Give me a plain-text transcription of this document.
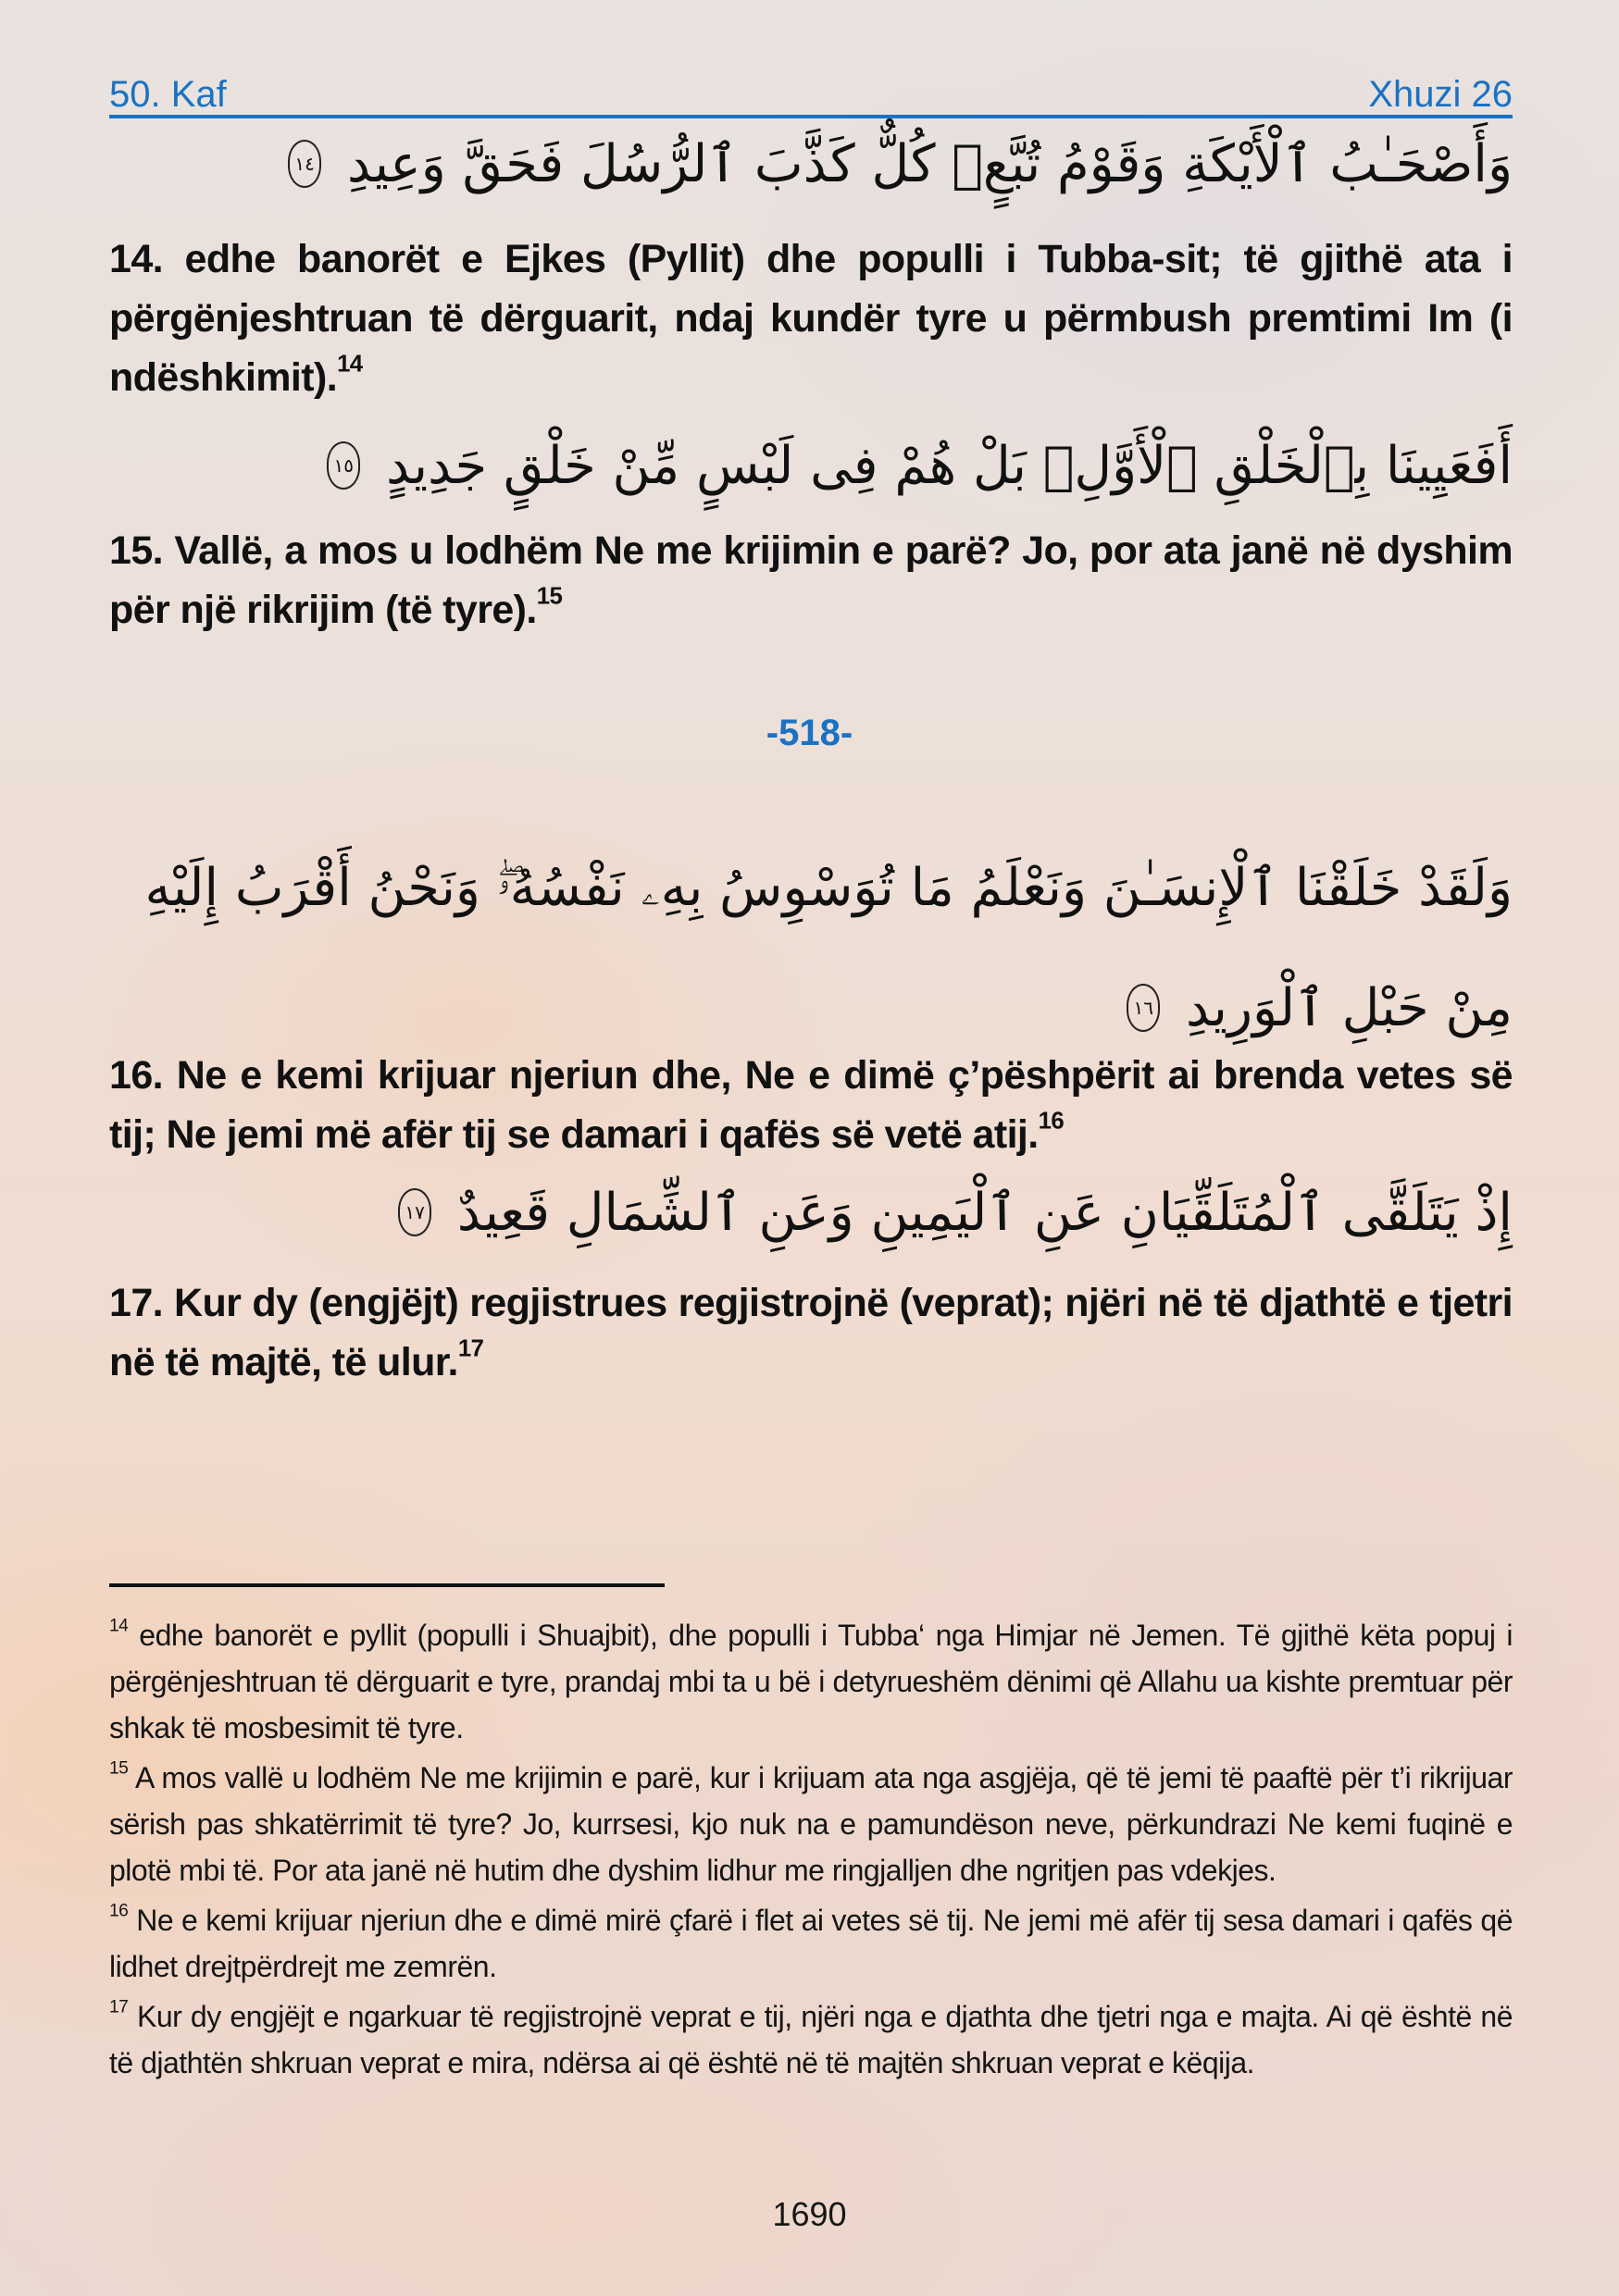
50. Kaf	Xhuzi 26
وَأَصْحَـٰبُ ٱلْأَيْكَةِ وَقَوْمُ تُبَّعٍۚ كُلٌّ كَذَّبَ ٱلرُّسُلَ فَحَقَّ وَعِيدِ ١٤
14. edhe banorët e Ejkes (Pyllit) dhe populli i Tubba-sit; të gjithë ata i përgënjeshtruan të dërguarit, ndaj kundër tyre u përmbush premtimi Im (i ndëshkimit).$^{14}$
أَفَعَيِينَا بِٱلْخَلْقِ ٱلْأَوَّلِۚ بَلْ هُمْ فِى لَبْسٍ مِّنْ خَلْقٍ جَدِيدٍ ١٥
15. Vallë, a mos u lodhëm Ne me krijimin e parë? Jo, por ata janë në dyshim për një rikrijim (të tyre).$^{15}$
-518-
وَلَقَدْ خَلَقْنَا ٱلْإِنسَـٰنَ وَنَعْلَمُ مَا تُوَسْوِسُ بِهِۦ نَفْسُهُۥۖ وَنَحْنُ أَقْرَبُ إِلَيْهِ مِنْ حَبْلِ ٱلْوَرِيدِ ١٦
16. Ne e kemi krijuar njeriun dhe, Ne e dimë ç’pëshpërit ai brenda vetes së tij; Ne jemi më afër tij se damari i qafës së vetë atij.$^{16}$
إِذْ يَتَلَقَّى ٱلْمُتَلَقِّيَانِ عَنِ ٱلْيَمِينِ وَعَنِ ٱلشِّمَالِ قَعِيدٌ ١٧
17. Kur dy (engjëjt) regjistrues regjistrojnë (veprat); njëri në të djathtë e tjetri në të majtë, të ulur.$^{17}$

$^{14}$ edhe banorët e pyllit (populli i Shuajbit), dhe populli i Tubba‘ nga Himjar në Jemen. Të gjithë këta popuj i përgënjeshtruan të dërguarit e tyre, prandaj mbi ta u bë i detyrueshëm dënimi që Allahu ua kishte premtuar për shkak të mosbesimit të tyre.

$^{15}$ A mos vallë u lodhëm Ne me krijimin e parë, kur i krijuam ata nga asgjëja, që të jemi të paaftë për t’i rikrijuar sërish pas shkatërrimit të tyre? Jo, kurrsesi, kjo nuk na e pamundëson neve, përkundrazi Ne kemi fuqinë e plotë mbi të. Por ata janë në hutim dhe dyshim lidhur me ringjalljen dhe ngritjen pas vdekjes.

$^{16}$ Ne e kemi krijuar njeriun dhe e dimë mirë çfarë i flet ai vetes së tij. Ne jemi më afër tij sesa damari i qafës që lidhet drejtpërdrejt me zemrën.

$^{17}$ Kur dy engjëjt e ngarkuar të regjistrojnë veprat e tij, njëri nga e djathta dhe tjetri nga e majta. Ai që është në të djathtën shkruan veprat e mira, ndërsa ai që është në të majtën shkruan veprat e këqija.

1690
